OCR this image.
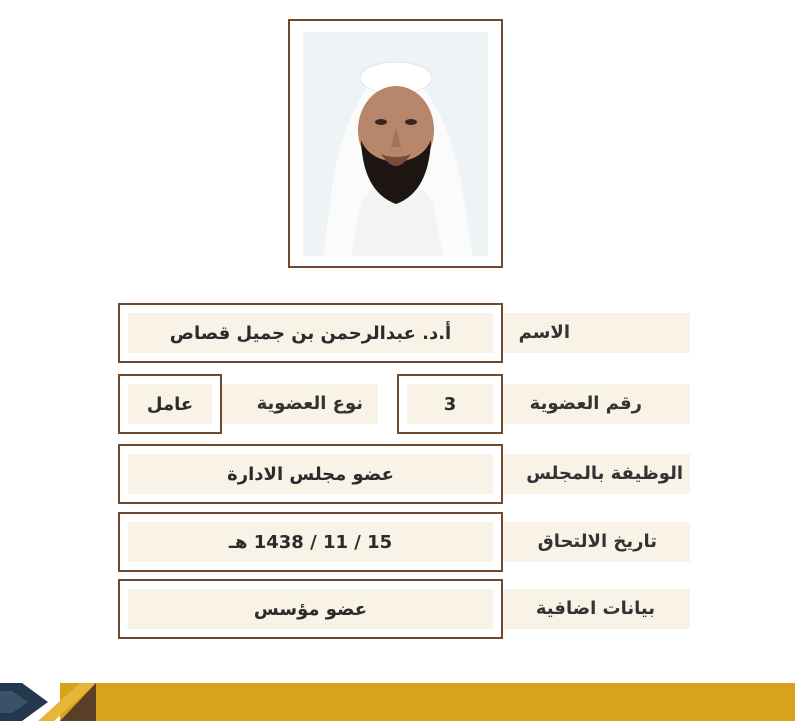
الاسم
أ.د. عبدالرحمن بن جميل قصاص
رقم العضوية
3
نوع العضوية
عامل
الوظيفة بالمجلس
عضو مجلس الادارة
تاريخ الالتحاق
15 / 11 / 1438 هـ
بيانات اضافية
عضو مؤسس
